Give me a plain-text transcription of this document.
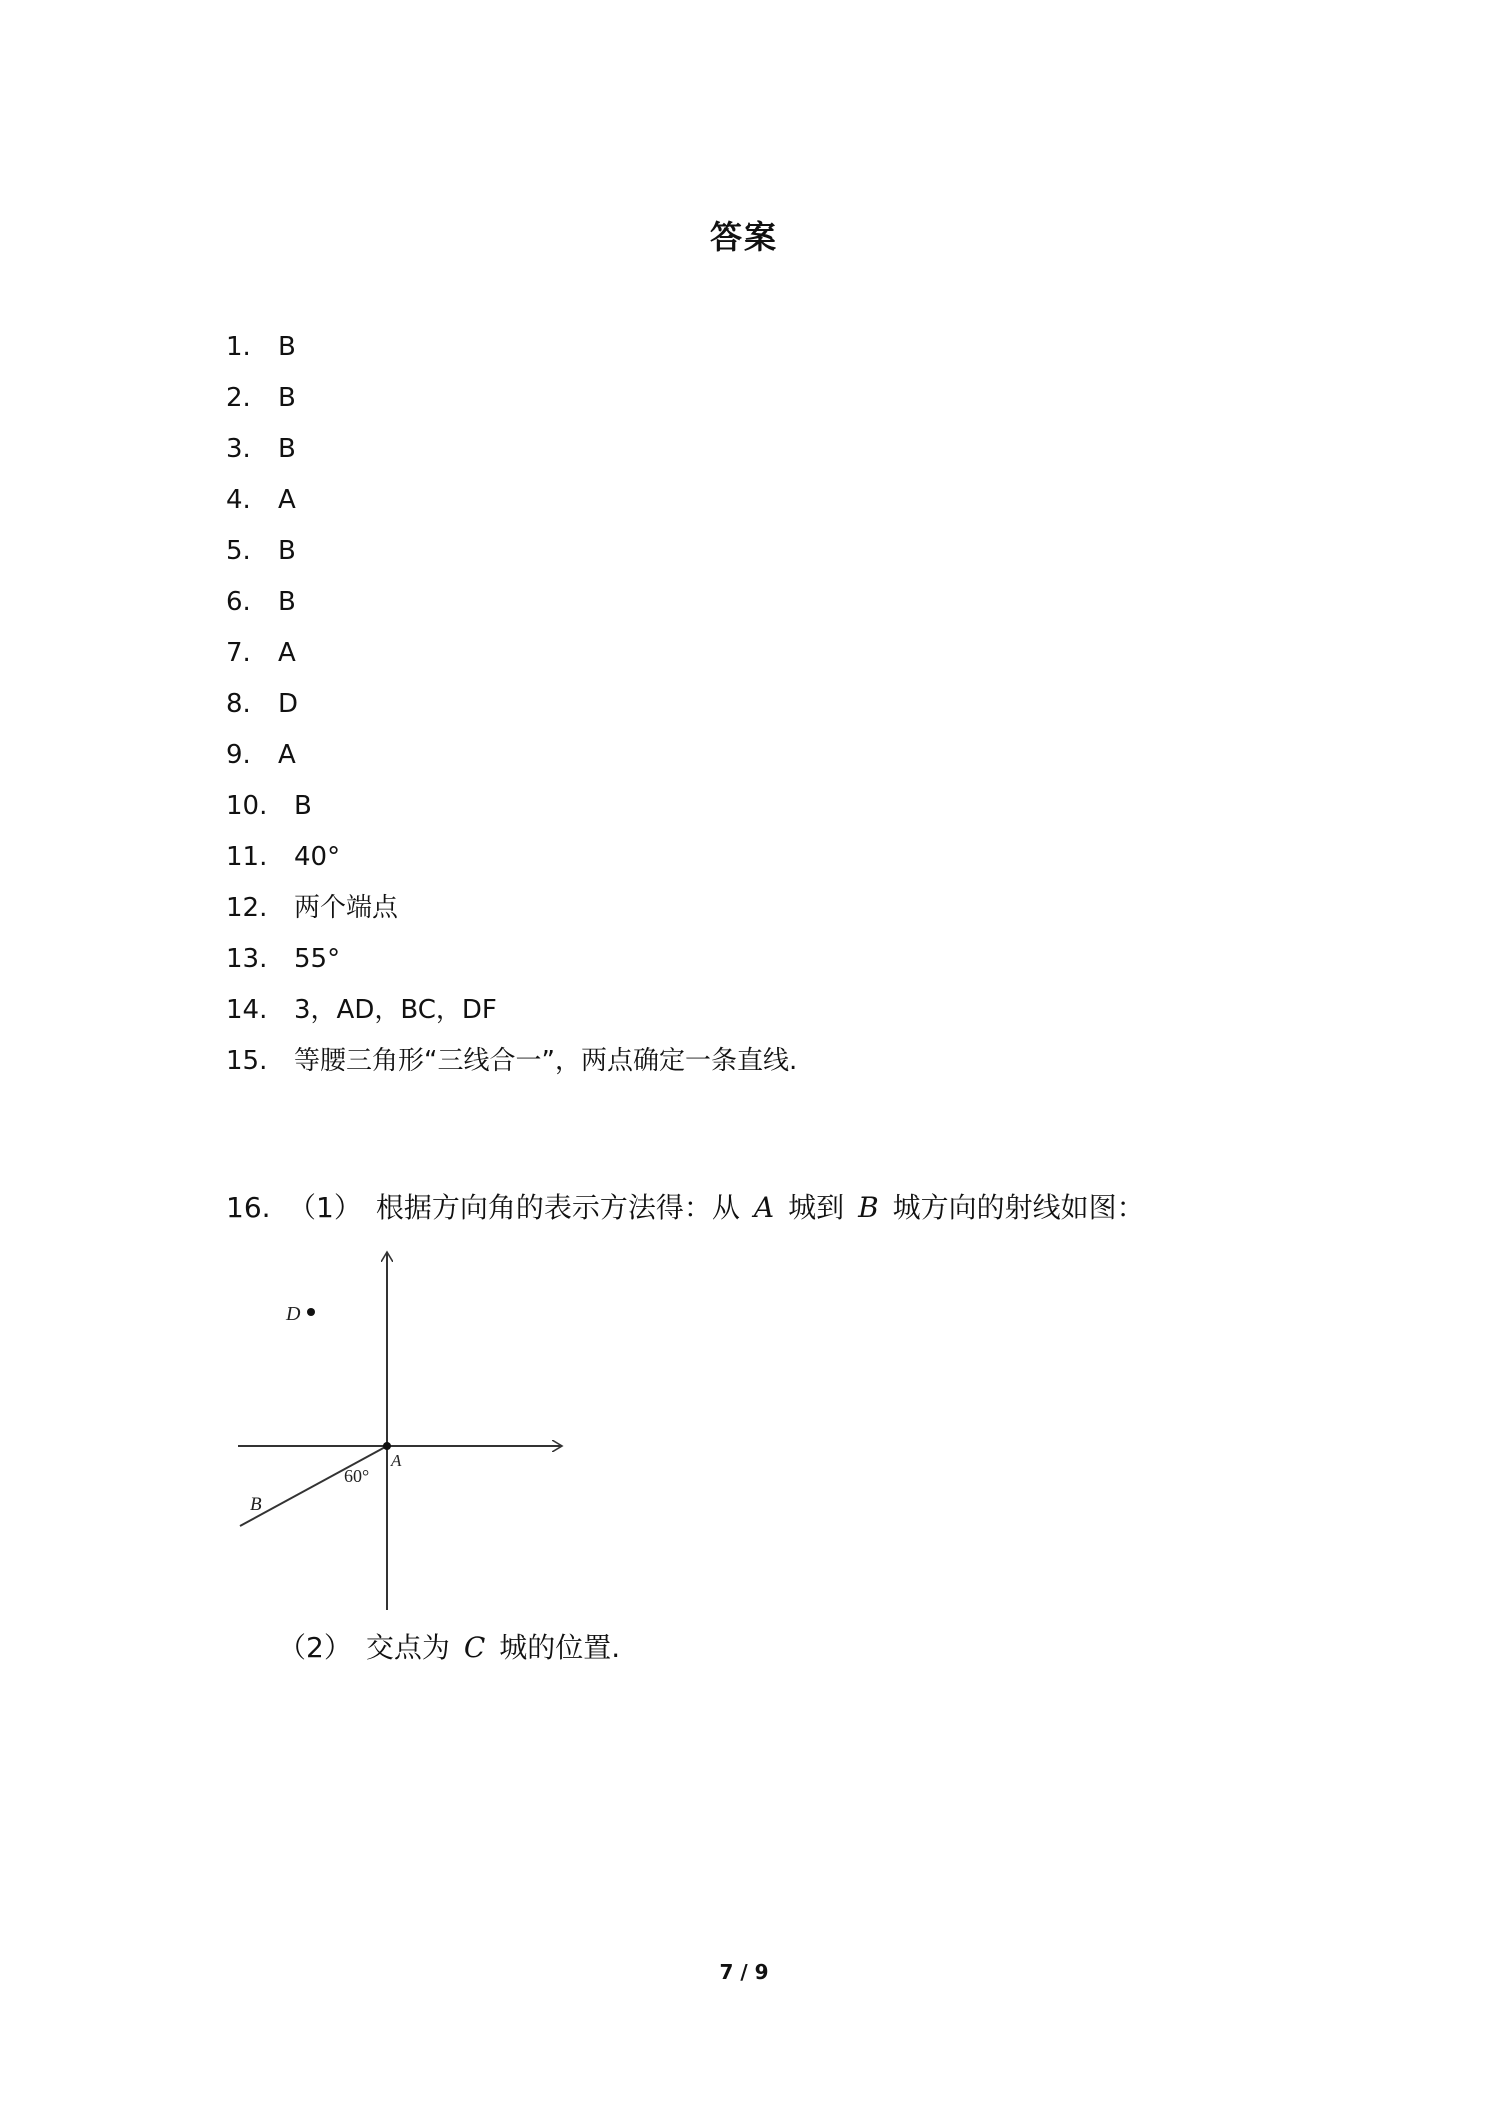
答案
1.	B
2.	B
3.	B
4.	A
5.	B
6.	B
7.	A
8.	D
9.	A
10.	B
11.	40°
12.	两个端点
13.	55°
14.	3，AD，BC，DF
15.	等腰三角形“三线合一”，两点确定一条直线.
16. （1） 根据方向角的表示方法得：从 A 城到 B 城方向的射线如图：
D
A
B
60°
（2） 交点为 C 城的位置.
7 / 9
